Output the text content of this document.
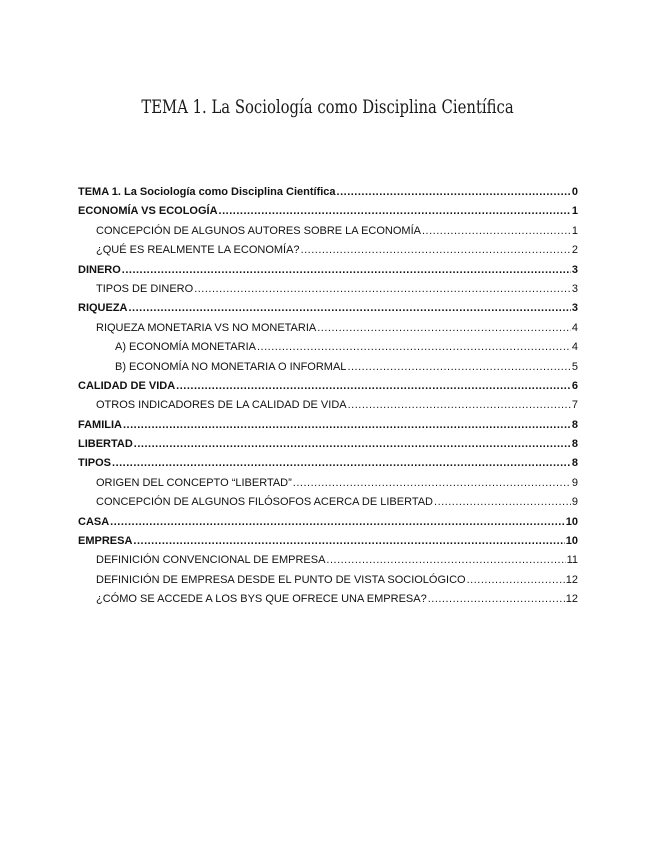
TEMA 1. La Sociología como Disciplina Científica
TEMA 1. La Sociología como Disciplina Científica .....	0
ECONOMÍA VS ECOLOGÍA .....	1
CONCEPCIÓN DE ALGUNOS AUTORES SOBRE LA ECONOMÍA .....	1
¿QUÉ ES REALMENTE LA ECONOMÍA? .....	2
DINERO .....	3
TIPOS DE DINERO .....	3
RIQUEZA .....	3
RIQUEZA MONETARIA VS NO MONETARIA .....	4
A) ECONOMÍA MONETARIA .....	4
B) ECONOMÍA NO MONETARIA O INFORMAL .....	5
CALIDAD DE VIDA .....	6
OTROS INDICADORES DE LA CALIDAD DE VIDA .....	7
FAMILIA .....	8
LIBERTAD .....	8
TIPOS .....	8
ORIGEN DEL CONCEPTO “LIBERTAD” .....	9
CONCEPCIÓN DE ALGUNOS FILÓSOFOS ACERCA DE LIBERTAD .....	9
CASA .....	10
EMPRESA .....	10
DEFINICIÓN CONVENCIONAL DE EMPRESA .....	11
DEFINICIÓN DE EMPRESA DESDE EL PUNTO DE VISTA SOCIOLÓGICO .....	12
¿CÓMO SE ACCEDE A LOS BYS QUE OFRECE UNA EMPRESA? .....	12
